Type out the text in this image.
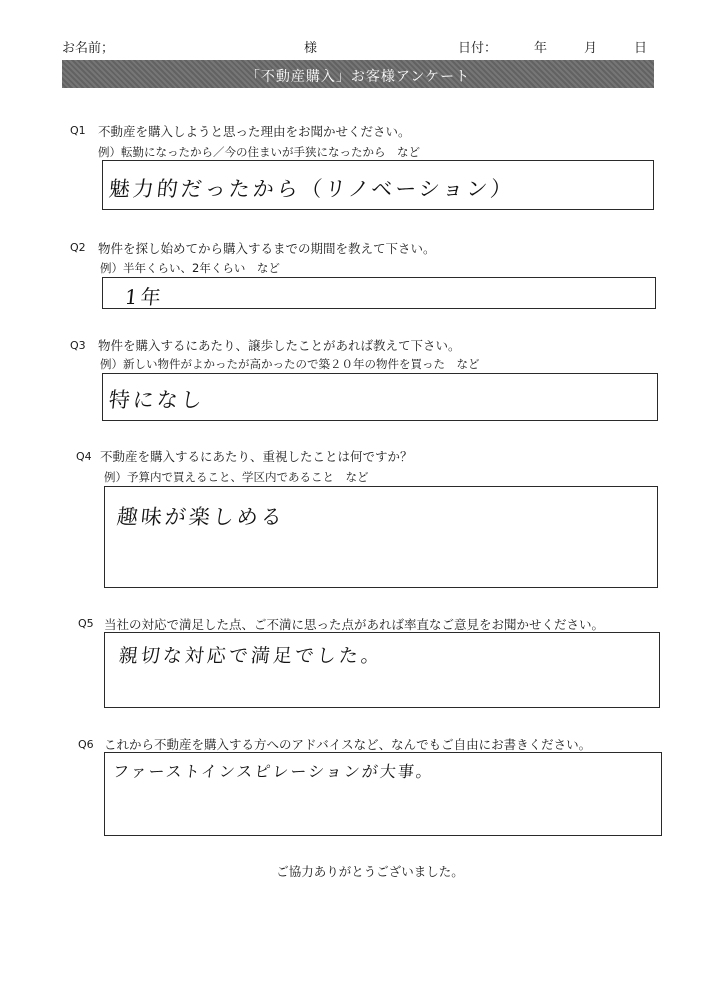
お名前；	様	日付：	年	月	日
「不動産購入」お客様アンケート
Q1 不動産を購入しようと思った理由をお聞かせください。
例）転勤になったから／今の住まいが手狭になったから　など
魅力的だったから（リノベーション）
Q2 物件を探し始めてから購入するまでの期間を教えて下さい。
例）半年くらい、2年くらい　など
1年
Q3 物件を購入するにあたり、譲歩したことがあれば教えて下さい。
例）新しい物件がよかったが高かったので築２０年の物件を買った　など
特になし
Q4 不動産を購入するにあたり、重視したことは何ですか？
例）予算内で買えること、学区内であること　など
趣味が楽しめる
Q5 当社の対応で満足した点、ご不満に思った点があれば率直なご意見をお聞かせください。
親切な対応で満足でした。
Q6 これから不動産を購入する方へのアドバイスなど、なんでもご自由にお書きください。
ファーストインスピレーションが大事。
ご協力ありがとうございました。
